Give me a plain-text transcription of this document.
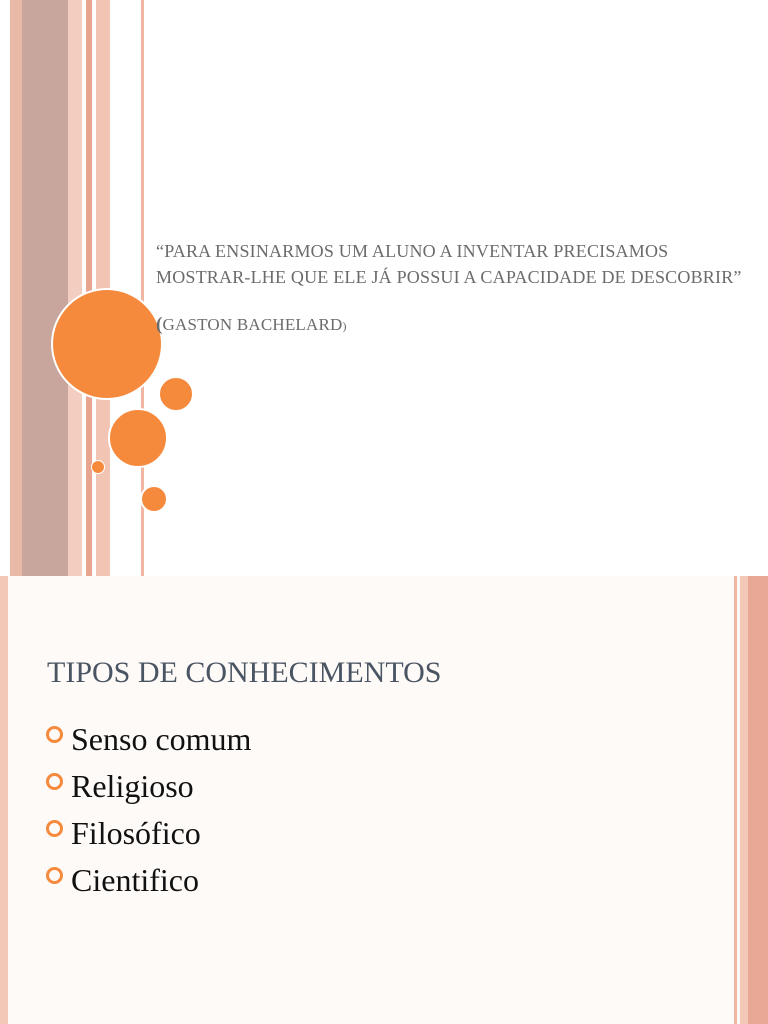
“PARA ENSINARMOS UM ALUNO A INVENTAR PRECISAMOS MOSTRAR-LHE QUE ELE JÁ POSSUI A CAPACIDADE DE DESCOBRIR”

(GASTON BACHELARD)

TIPOS DE CONHECIMENTOS
Senso comum
Religioso
Filosófico
Cientifico
